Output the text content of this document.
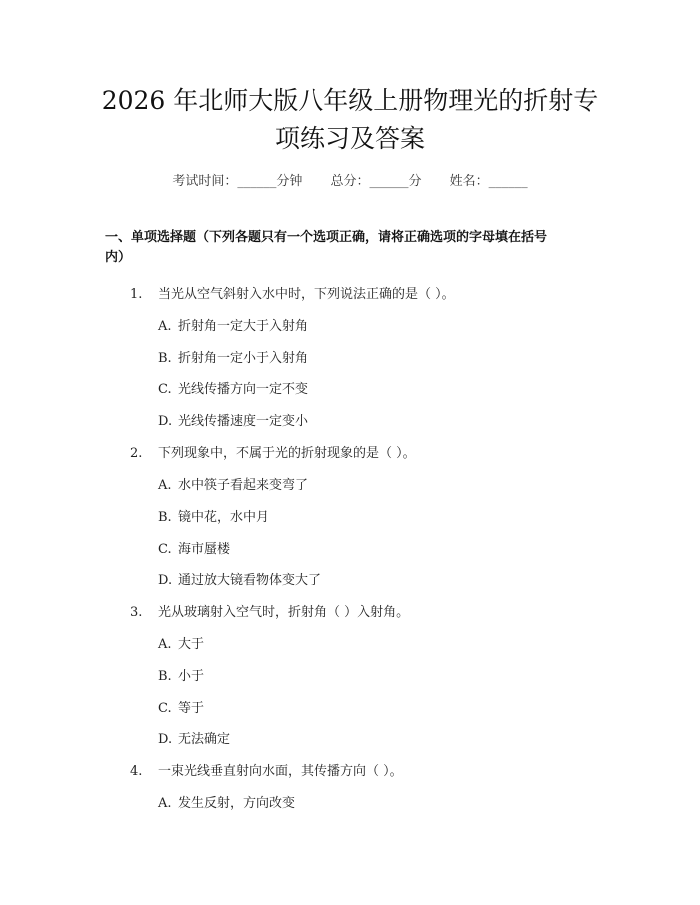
2026 年北师大版八年级上册物理光的折射专
项练习及答案
考试时间：______分钟 总分：______分 姓名：______
一、单项选择题（下列各题只有一个选项正确，请将正确选项的字母填在括号
内）
1. 当光从空气斜射入水中时，下列说法正确的是（ ）。
A. 折射角一定大于入射角
B. 折射角一定小于入射角
C. 光线传播方向一定不变
D. 光线传播速度一定变小
2. 下列现象中，不属于光的折射现象的是（ ）。
A. 水中筷子看起来变弯了
B. 镜中花，水中月
C. 海市蜃楼
D. 通过放大镜看物体变大了
3. 光从玻璃射入空气时，折射角（ ）入射角。
A. 大于
B. 小于
C. 等于
D. 无法确定
4. 一束光线垂直射向水面，其传播方向（ ）。
A. 发生反射，方向改变
